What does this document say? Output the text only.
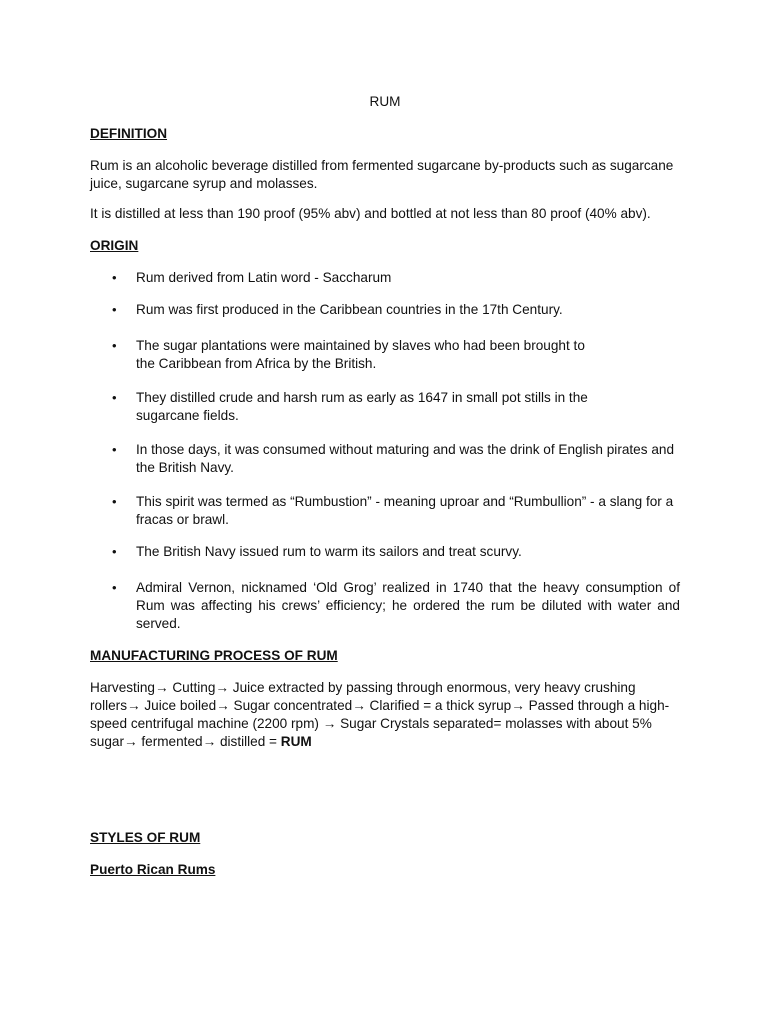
RUM
DEFINITION

Rum is an alcoholic beverage distilled from fermented sugarcane by-products such as sugarcane juice, sugarcane syrup and molasses.

It is distilled at less than 190 proof (95% abv) and bottled at not less than 80 proof (40% abv).

ORIGIN
• Rum derived from Latin word - Saccharum
• Rum was first produced in the Caribbean countries in the 17th Century.
• The sugar plantations were maintained by slaves who had been brought to the Caribbean from Africa by the British.
• They distilled crude and harsh rum as early as 1647 in small pot stills in the sugarcane fields.
• In those days, it was consumed without maturing and was the drink of English pirates and the British Navy.
• This spirit was termed as “Rumbustion” - meaning uproar and “Rumbullion” - a slang for a fracas or brawl.
• The British Navy issued rum to warm its sailors and treat scurvy.
• Admiral Vernon, nicknamed ‘Old Grog’ realized in 1740 that the heavy consumption of Rum was affecting his crews’ efficiency; he ordered the rum be diluted with water and served.
MANUFACTURING PROCESS OF RUM

Harvesting→ Cutting→ Juice extracted by passing through enormous, very heavy crushing rollers→ Juice boiled→ Sugar concentrated→ Clarified = a thick syrup→ Passed through a high-speed centrifugal machine (2200 rpm) → Sugar Crystals separated= molasses with about 5% sugar→ fermented→ distilled = RUM

STYLES OF RUM
Puerto Rican Rums
